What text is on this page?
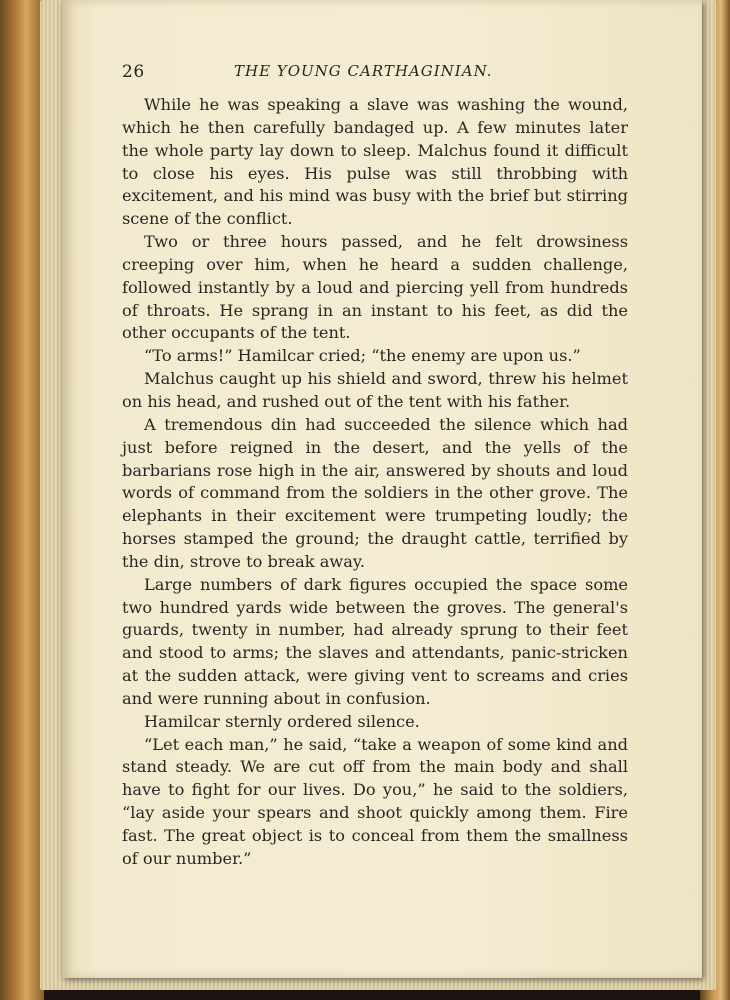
26	THE YOUNG CARTHAGINIAN.

While he was speaking a slave was washing the wound, which he then carefully bandaged up. A few minutes later the whole party lay down to sleep. Malchus found it difficult to close his eyes. His pulse was still throbbing with excitement, and his mind was busy with the brief but stirring scene of the conflict.

Two or three hours passed, and he felt drowsiness creeping over him, when he heard a sudden challenge, followed instantly by a loud and piercing yell from hundreds of throats. He sprang in an instant to his feet, as did the other occupants of the tent.

“To arms!” Hamilcar cried; “the enemy are upon us.”

Malchus caught up his shield and sword, threw his helmet on his head, and rushed out of the tent with his father.

A tremendous din had succeeded the silence which had just before reigned in the desert, and the yells of the barbarians rose high in the air, answered by shouts and loud words of command from the soldiers in the other grove. The elephants in their excitement were trumpeting loudly; the horses stamped the ground; the draught cattle, terrified by the din, strove to break away.

Large numbers of dark figures occupied the space some two hundred yards wide between the groves. The general's guards, twenty in number, had already sprung to their feet and stood to arms; the slaves and attendants, panic-stricken at the sudden attack, were giving vent to screams and cries and were running about in confusion.

Hamilcar sternly ordered silence.

“Let each man,” he said, “take a weapon of some kind and stand steady. We are cut off from the main body and shall have to fight for our lives. Do you,” he said to the soldiers, “lay aside your spears and shoot quickly among them. Fire fast. The great object is to conceal from them the smallness of our number.”
